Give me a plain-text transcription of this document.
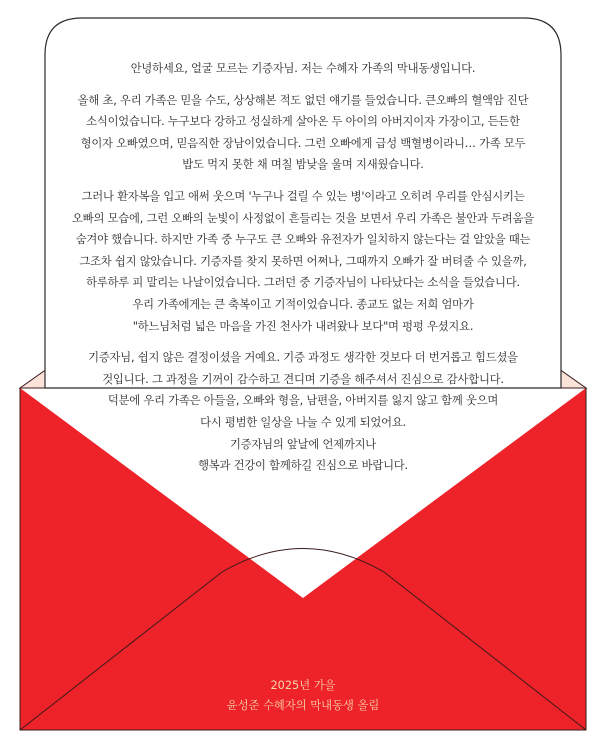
안녕하세요, 얼굴 모르는 기증자님. 저는 수혜자 가족의 막내동생입니다.

올해 초, 우리 가족은 믿을 수도, 상상해본 적도 없던 얘기를 들었습니다. 큰오빠의 혈액암 진단

소식이었습니다. 누구보다 강하고 성실하게 살아온 두 아이의 아버지이자 가장이고, 든든한

형이자 오빠였으며, 믿음직한 장남이었습니다. 그런 오빠에게 급성 백혈병이라니… 가족 모두

밥도 먹지 못한 채 며칠 밤낮을 울며 지새웠습니다.

그러나 환자복을 입고 애써 웃으며 '누구나 걸릴 수 있는 병'이라고 오히려 우리를 안심시키는

오빠의 모습에, 그런 오빠의 눈빛이 사정없이 흔들리는 것을 보면서 우리 가족은 불안과 두려움을

숨겨야 했습니다. 하지만 가족 중 누구도 큰 오빠와 유전자가 일치하지 않는다는 걸 알았을 때는

그조차 쉽지 않았습니다. 기증자를 찾지 못하면 어쩌나, 그때까지 오빠가 잘 버텨줄 수 있을까,

하루하루 피 말리는 나날이었습니다. 그러던 중 기증자님이 나타났다는 소식을 들었습니다.

우리 가족에게는 큰 축복이고 기적이었습니다. 종교도 없는 저희 엄마가

"하느님처럼 넓은 마음을 가진 천사가 내려왔나 보다"며 펑펑 우셨지요.

기증자님, 쉽지 않은 결정이셨을 거예요. 기증 과정도 생각한 것보다 더 번거롭고 힘드셨을

것입니다. 그 과정을 기꺼이 감수하고 견디며 기증을 해주셔서 진심으로 감사합니다.

덕분에 우리 가족은 아들을, 오빠와 형을, 남편을, 아버지를 잃지 않고 함께 웃으며

다시 평범한 일상을 나눌 수 있게 되었어요.

기증자님의 앞날에 언제까지나

행복과 건강이 함께하길 진심으로 바랍니다.

2025년 가을

윤성준 수혜자의 막내동생 올림
